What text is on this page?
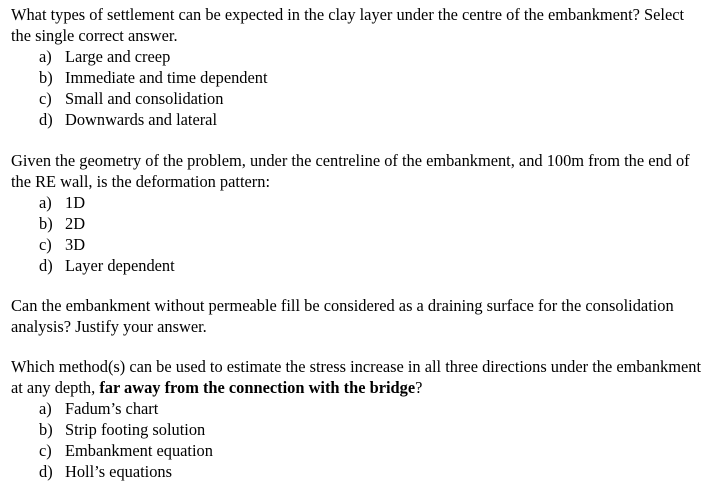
What types of settlement can be expected in the clay layer under the centre of the embankment? Select the single correct answer.

a) Large and creep
b) Immediate and time dependent
c) Small and consolidation
d) Downwards and lateral

Given the geometry of the problem, under the centreline of the embankment, and 100m from the end of the RE wall, is the deformation pattern:

a) 1D
b) 2D
c) 3D
d) Layer dependent

Can the embankment without permeable fill be considered as a draining surface for the consolidation analysis? Justify your answer.

Which method(s) can be used to estimate the stress increase in all three directions under the embankment at any depth, far away from the connection with the bridge?

a) Fadum’s chart
b) Strip footing solution
c) Embankment equation
d) Holl’s equations
